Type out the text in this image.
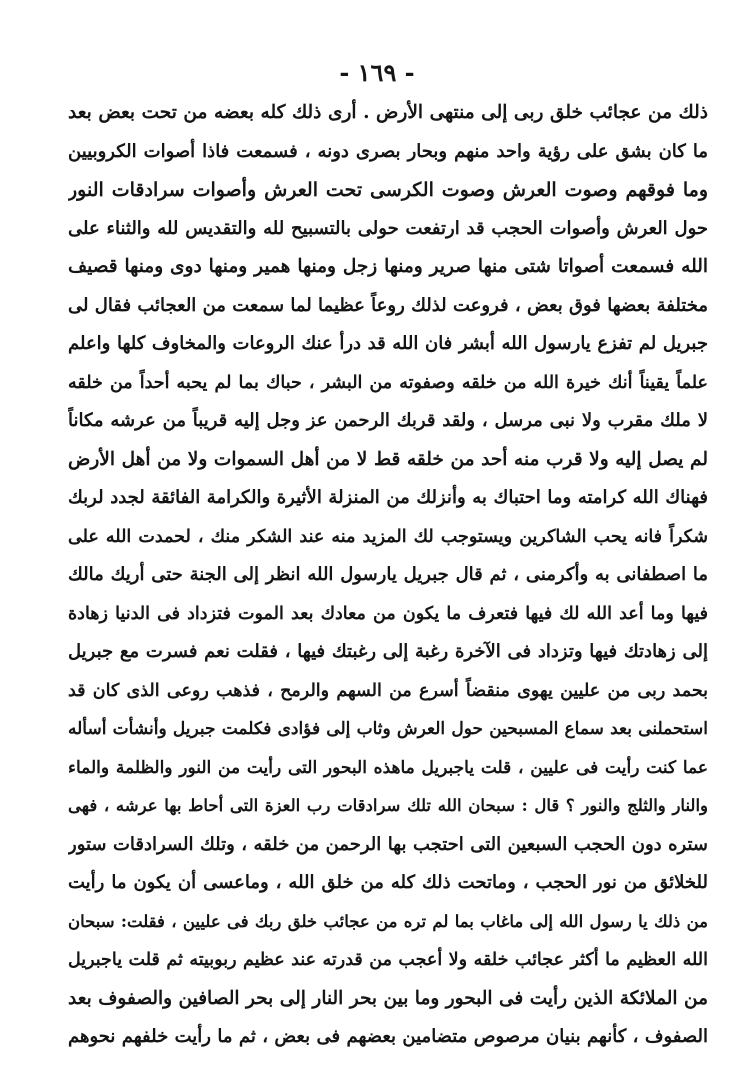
- ١٦٩ -
ذلك من عجائب خلق ربى إلى منتهى الأرض . أرى ذلك كله بعضه من تحت بعض بعد
ما كان بشق على رؤية واحد منهم وبحار بصرى دونه ، فسمعت فاذا أصوات الكروبيين
وما فوقهم وصوت العرش وصوت الكرسى تحت العرش وأصوات سرادقات النور
حول العرش وأصوات الحجب قد ارتفعت حولى بالتسبيح لله والتقديس لله والثناء على
الله فسمعت أصواتا شتى منها صرير ومنها زجل ومنها همير ومنها دوى ومنها قصيف
مختلفة بعضها فوق بعض ، فروعت لذلك روعاً عظيما لما سمعت من العجائب فقال لى
جبريل لم تفزع يارسول الله أبشر فان الله قد درأ عنك الروعات والمخاوف كلها واعلم
علماً يقيناً أنك خيرة الله من خلقه وصفوته من البشر ، حباك بما لم يحبه أحداً من خلقه
لا ملك مقرب ولا نبى مرسل ، ولقد قربك الرحمن عز وجل إليه قريباً من عرشه مكاناً
لم يصل إليه ولا قرب منه أحد من خلقه قط لا من أهل السموات ولا من أهل الأرض
فهناك الله كرامته وما احتباك به وأنزلك من المنزلة الأثيرة والكرامة الفائقة لجدد لربك
شكراً فانه يحب الشاكرين ويستوجب لك المزيد منه عند الشكر منك ، لحمدت الله على
ما اصطفانى به وأكرمنى ، ثم قال جبريل يارسول الله انظر إلى الجنة حتى أريك مالك
فيها وما أعد الله لك فيها فتعرف ما يكون من معادك بعد الموت فتزداد فى الدنيا زهادة
إلى زهادتك فيها وتزداد فى الآخرة رغبة إلى رغبتك فيها ، فقلت نعم فسرت مع جبريل
بحمد ربى من عليين يهوى منقضاً أسرع من السهم والرمح ، فذهب روعى الذى كان قد
استحملنى بعد سماع المسبحين حول العرش وثاب إلى فؤادى فكلمت جبريل وأنشأت أسأله
عما كنت رأيت فى عليين ، قلت ياجبريل ماهذه البحور التى رأيت من النور والظلمة والماء
والنار والثلج والنور ؟ قال : سبحان الله تلك سرادقات رب العزة التى أحاط بها عرشه ، فهى
ستره دون الحجب السبعين التى احتجب بها الرحمن من خلقه ، وتلك السرادقات ستور
للخلائق من نور الحجب ، وماتحت ذلك كله من خلق الله ، وماعسى أن يكون ما رأيت
من ذلك يا رسول الله إلى ماغاب بما لم تره من عجائب خلق ربك فى عليين ، فقلت: سبحان
الله العظيم ما أكثر عجائب خلقه ولا أعجب من قدرته عند عظيم ربوبيته ثم قلت ياجبريل
من الملائكة الذين رأيت فى البحور وما بين بحر النار إلى بحر الصافين والصفوف بعد
الصفوف ، كأنهم بنيان مرصوص متضامين بعضهم فى بعض ، ثم ما رأيت خلفهم نحوهم
